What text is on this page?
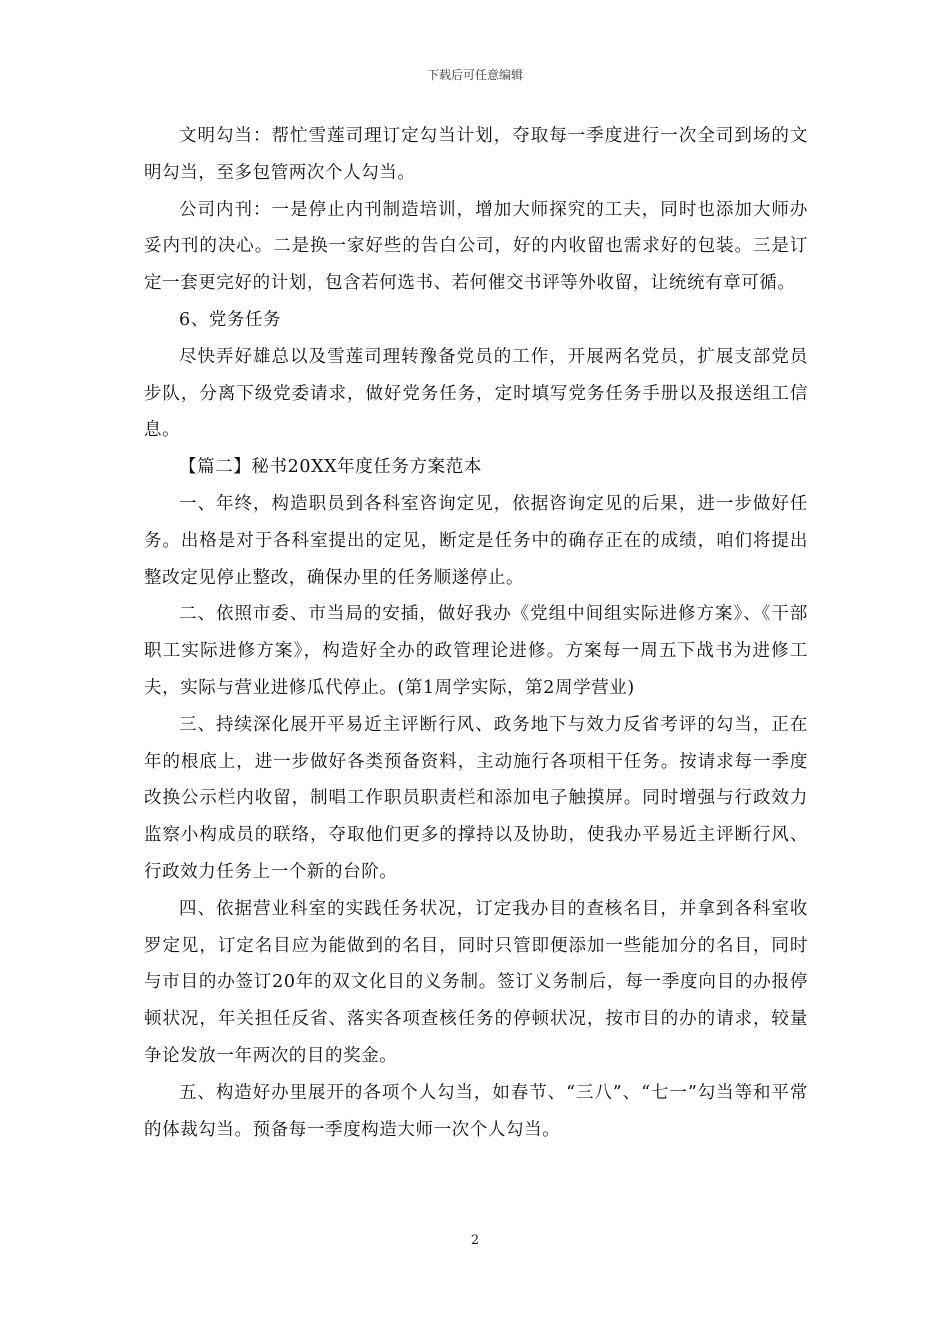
下载后可任意编辑

文明勾当：帮忙雪莲司理订定勾当计划，夺取每一季度进行一次全司到场的文明勾当，至多包管两次个人勾当。

公司内刊：一是停止内刊制造培训，增加大师探究的工夫，同时也添加大师办妥内刊的决心。二是换一家好些的告白公司，好的内收留也需求好的包装。三是订定一套更完好的计划，包含若何选书、若何催交书评等外收留，让统统有章可循。

6、党务任务

尽快弄好雄总以及雪莲司理转豫备党员的工作，开展两名党员，扩展支部党员步队，分离下级党委请求，做好党务任务，定时填写党务任务手册以及报送组工信息。

【篇二】秘书20XX年度任务方案范本

一、年终，构造职员到各科室咨询定见，依据咨询定见的后果，进一步做好任务。出格是对于各科室提出的定见，断定是任务中的确存正在的成绩，咱们将提出整改定见停止整改，确保办里的任务顺遂停止。

二、依照市委、市当局的安插，做好我办《党组中间组实际进修方案》、《干部职工实际进修方案》，构造好全办的政管理论进修。方案每一周五下战书为进修工夫，实际与营业进修瓜代停止。(第1周学实际，第2周学营业)

三、持续深化展开平易近主评断行风、政务地下与效力反省考评的勾当，正在年的根底上，进一步做好各类预备资料，主动施行各项相干任务。按请求每一季度改换公示栏内收留，制唱工作职员职责栏和添加电子触摸屏。同时增强与行政效力监察小构成员的联络，夺取他们更多的撑持以及协助，使我办平易近主评断行风、行政效力任务上一个新的台阶。

四、依据营业科室的实践任务状况，订定我办目的查核名目，并拿到各科室收罗定见，订定名目应为能做到的名目，同时只管即便添加一些能加分的名目，同时与市目的办签订20年的双文化目的义务制。签订义务制后，每一季度向目的办报停顿状况，年关担任反省、落实各项查核任务的停顿状况，按市目的办的请求，较量争论发放一年两次的目的奖金。

五、构造好办里展开的各项个人勾当，如春节、“三八”、“七一”勾当等和平常的体裁勾当。预备每一季度构造大师一次个人勾当。

2
